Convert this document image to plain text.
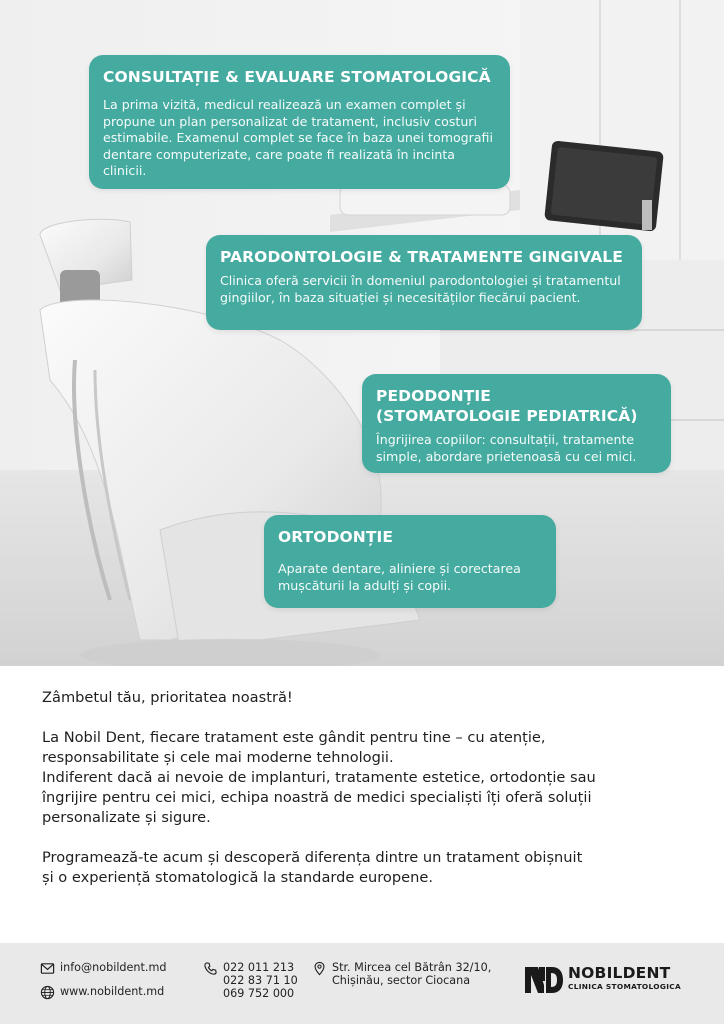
CONSULTAȚIE & EVALUARE STOMATOLOGICĂ

La prima vizită, medicul realizează un examen complet și propune un plan personalizat de tratament, inclusiv costuri estimabile. Examenul complet se face în baza unei tomografii dentare computerizate, care poate fi realizată în incinta clinicii.

PARODONTOLOGIE & TRATAMENTE GINGIVALE

Clinica oferă servicii în domeniul parodontologiei și tratamentul gingiilor, în baza situației și necesităților fiecărui pacient.

PEDODONȚIE
(STOMATOLOGIE PEDIATRICĂ)

Îngrijirea copiilor: consultații, tratamente simple, abordare prietenoasă cu cei mici.

ORTODONȚIE

Aparate dentare, aliniere și corectarea mușcăturii la adulți și copii.

Zâmbetul tău, prioritatea noastră!
La Nobil Dent, fiecare tratament este gândit pentru tine – cu atenție,
responsabilitate și cele mai moderne tehnologii.
Indiferent dacă ai nevoie de implanturi, tratamente estetice, ortodonție sau
îngrijire pentru cei mici, echipa noastră de medici specialiști îți oferă soluții
personalizate și sigure.
Programează-te acum și descoperă diferența dintre un tratament obișnuit
și o experiență stomatologică la standarde europene.
info@nobildent.md
www.nobildent.md
022 011 213
022 83 71 10
069 752 000
Str. Mircea cel Bătrân 32/10,
Chișinău, sector Ciocana	NOBILDENT
CLINICA STOMATOLOGICA
